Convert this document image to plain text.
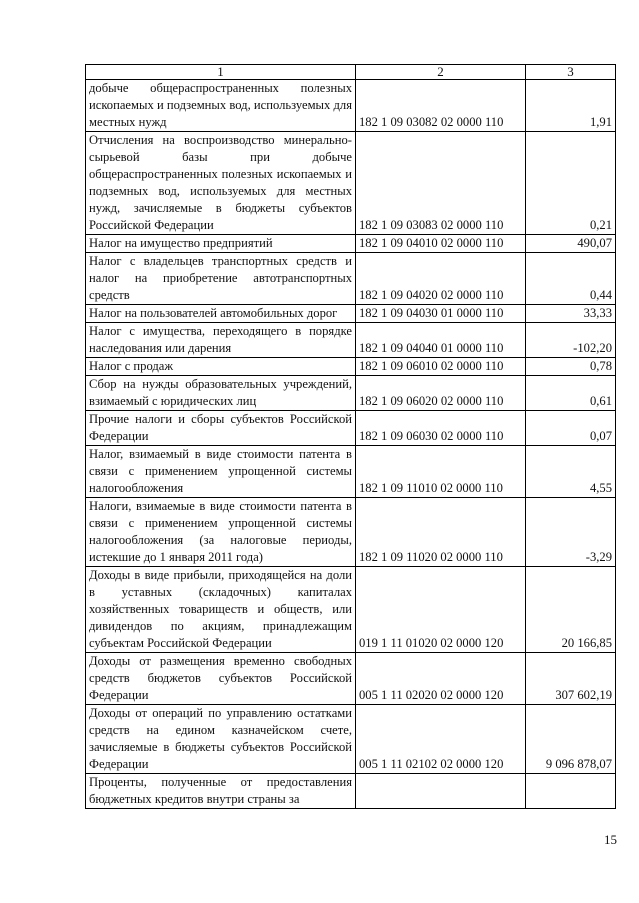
1	2	3

добыче общераспространенных полезных ископаемых и подземных вод, используемых для местных нужд	182 1 09 03082 02 0000 110	1,91

Отчисления на воспроизводство минерально-сырьевой базы при добыче общераспространенных полезных ископаемых и подземных вод, используемых для местных нужд, зачисляемые в бюджеты субъектов Российской Федерации	182 1 09 03083 02 0000 110	0,21

Налог на имущество предприятий	182 1 09 04010 02 0000 110	490,07

Налог с владельцев транспортных средств и налог на приобретение автотранспортных средств	182 1 09 04020 02 0000 110	0,44

Налог на пользователей автомобильных дорог	182 1 09 04030 01 0000 110	33,33

Налог с имущества, переходящего в порядке наследования или дарения	182 1 09 04040 01 0000 110	-102,20

Налог с продаж	182 1 09 06010 02 0000 110	0,78

Сбор на нужды образовательных учреждений, взимаемый с юридических лиц	182 1 09 06020 02 0000 110	0,61

Прочие налоги и сборы субъектов Российской Федерации	182 1 09 06030 02 0000 110	0,07

Налог, взимаемый в виде стоимости патента в связи с применением упрощенной системы налогообложения	182 1 09 11010 02 0000 110	4,55

Налоги, взимаемые в виде стоимости патента в связи с применением упрощенной системы налогообложения (за налоговые периоды, истекшие до 1 января 2011 года)	182 1 09 11020 02 0000 110	-3,29

Доходы в виде прибыли, приходящейся на доли в уставных (складочных) капиталах хозяйственных товариществ и обществ, или дивидендов по акциям, принадлежащим субъектам Российской Федерации	019 1 11 01020 02 0000 120	20 166,85

Доходы от размещения временно свободных средств бюджетов субъектов Российской Федерации	005 1 11 02020 02 0000 120	307 602,19

Доходы от операций по управлению остатками средств на едином казначейском счете, зачисляемые в бюджеты субъектов Российской Федерации	005 1 11 02102 02 0000 120	9 096 878,07

Проценты, полученные от предоставления бюджетных кредитов внутри страны за		

15
